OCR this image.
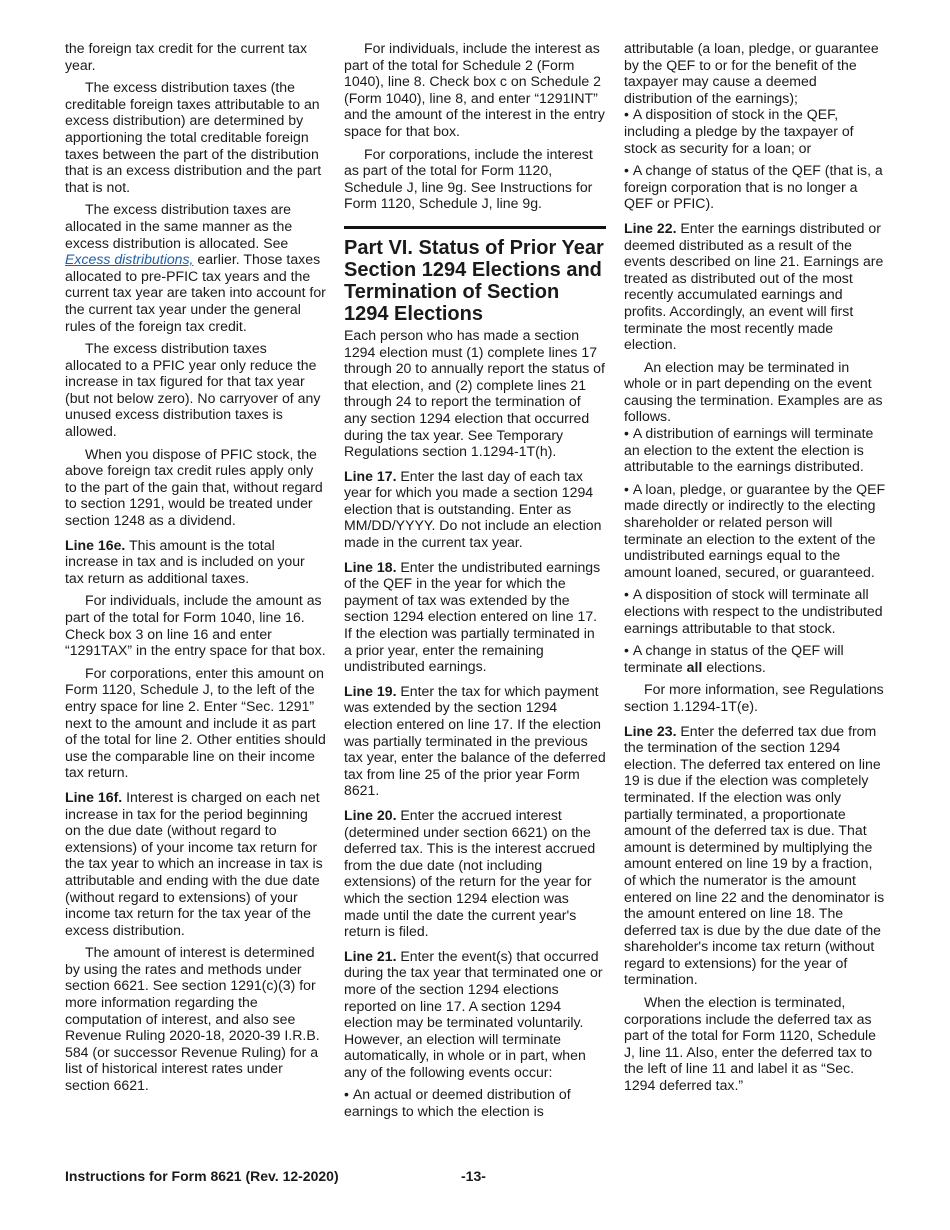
the foreign tax credit for the current tax year.

The excess distribution taxes (the creditable foreign taxes attributable to an excess distribution) are determined by apportioning the total creditable foreign taxes between the part of the distribution that is an excess distribution and the part that is not.

The excess distribution taxes are allocated in the same manner as the excess distribution is allocated. See Excess distributions, earlier. Those taxes allocated to pre-PFIC tax years and the current tax year are taken into account for the current tax year under the general rules of the foreign tax credit.

The excess distribution taxes allocated to a PFIC year only reduce the increase in tax figured for that tax year (but not below zero). No carryover of any unused excess distribution taxes is allowed.

When you dispose of PFIC stock, the above foreign tax credit rules apply only to the part of the gain that, without regard to section 1291, would be treated under section 1248 as a dividend.

Line 16e. This amount is the total increase in tax and is included on your tax return as additional taxes.

For individuals, include the amount as part of the total for Form 1040, line 16. Check box 3 on line 16 and enter “1291TAX” in the entry space for that box.

For corporations, enter this amount on Form 1120, Schedule J, to the left of the entry space for line 2. Enter “Sec. 1291” next to the amount and include it as part of the total for line 2. Other entities should use the comparable line on their income tax return.

Line 16f. Interest is charged on each net increase in tax for the period beginning on the due date (without regard to extensions) of your income tax return for the tax year to which an increase in tax is attributable and ending with the due date (without regard to extensions) of your income tax return for the tax year of the excess distribution.

The amount of interest is determined by using the rates and methods under section 6621. See section 1291(c)(3) for more information regarding the computation of interest, and also see Revenue Ruling 2020-18, 2020-39 I.R.B. 584 (or successor Revenue Ruling) for a list of historical interest rates under section 6621.

For individuals, include the interest as part of the total for Schedule 2 (Form 1040), line 8. Check box c on Schedule 2 (Form 1040), line 8, and enter “1291INT” and the amount of the interest in the entry space for that box.

For corporations, include the interest as part of the total for Form 1120, Schedule J, line 9g. See Instructions for Form 1120, Schedule J, line 9g.

Part VI. Status of Prior Year Section 1294 Elections and Termination of Section 1294 Elections

Each person who has made a section 1294 election must (1) complete lines 17 through 20 to annually report the status of that election, and (2) complete lines 21 through 24 to report the termination of any section 1294 election that occurred during the tax year. See Temporary Regulations section 1.1294-1T(h).

Line 17. Enter the last day of each tax year for which you made a section 1294 election that is outstanding. Enter as MM/DD/YYYY. Do not include an election made in the current tax year.

Line 18. Enter the undistributed earnings of the QEF in the year for which the payment of tax was extended by the section 1294 election entered on line 17. If the election was partially terminated in a prior year, enter the remaining undistributed earnings.

Line 19. Enter the tax for which payment was extended by the section 1294 election entered on line 17. If the election was partially terminated in the previous tax year, enter the balance of the deferred tax from line 25 of the prior year Form 8621.

Line 20. Enter the accrued interest (determined under section 6621) on the deferred tax. This is the interest accrued from the due date (not including extensions) of the return for the year for which the section 1294 election was made until the date the current year's return is filed.

Line 21. Enter the event(s) that occurred during the tax year that terminated one or more of the section 1294 elections reported on line 17. A section 1294 election may be terminated voluntarily. However, an election will terminate automatically, in whole or in part, when any of the following events occur:

• An actual or deemed distribution of earnings to which the election is

attributable (a loan, pledge, or guarantee by the QEF to or for the benefit of the taxpayer may cause a deemed distribution of the earnings);

• A disposition of stock in the QEF, including a pledge by the taxpayer of stock as security for a loan; or

• A change of status of the QEF (that is, a foreign corporation that is no longer a QEF or PFIC).

Line 22. Enter the earnings distributed or deemed distributed as a result of the events described on line 21. Earnings are treated as distributed out of the most recently accumulated earnings and profits. Accordingly, an event will first terminate the most recently made election.

An election may be terminated in whole or in part depending on the event causing the termination. Examples are as follows.

• A distribution of earnings will terminate an election to the extent the election is attributable to the earnings distributed.

• A loan, pledge, or guarantee by the QEF made directly or indirectly to the electing shareholder or related person will terminate an election to the extent of the undistributed earnings equal to the amount loaned, secured, or guaranteed.

• A disposition of stock will terminate all elections with respect to the undistributed earnings attributable to that stock.

• A change in status of the QEF will terminate all elections.

For more information, see Regulations section 1.1294-1T(e).

Line 23. Enter the deferred tax due from the termination of the section 1294 election. The deferred tax entered on line 19 is due if the election was completely terminated. If the election was only partially terminated, a proportionate amount of the deferred tax is due. That amount is determined by multiplying the amount entered on line 19 by a fraction, of which the numerator is the amount entered on line 22 and the denominator is the amount entered on line 18. The deferred tax is due by the due date of the shareholder's income tax return (without regard to extensions) for the year of termination.

When the election is terminated, corporations include the deferred tax as part of the total for Form 1120, Schedule J, line 11. Also, enter the deferred tax to the left of line 11 and label it as “Sec. 1294 deferred tax.”

Instructions for Form 8621 (Rev. 12-2020)	-13-
